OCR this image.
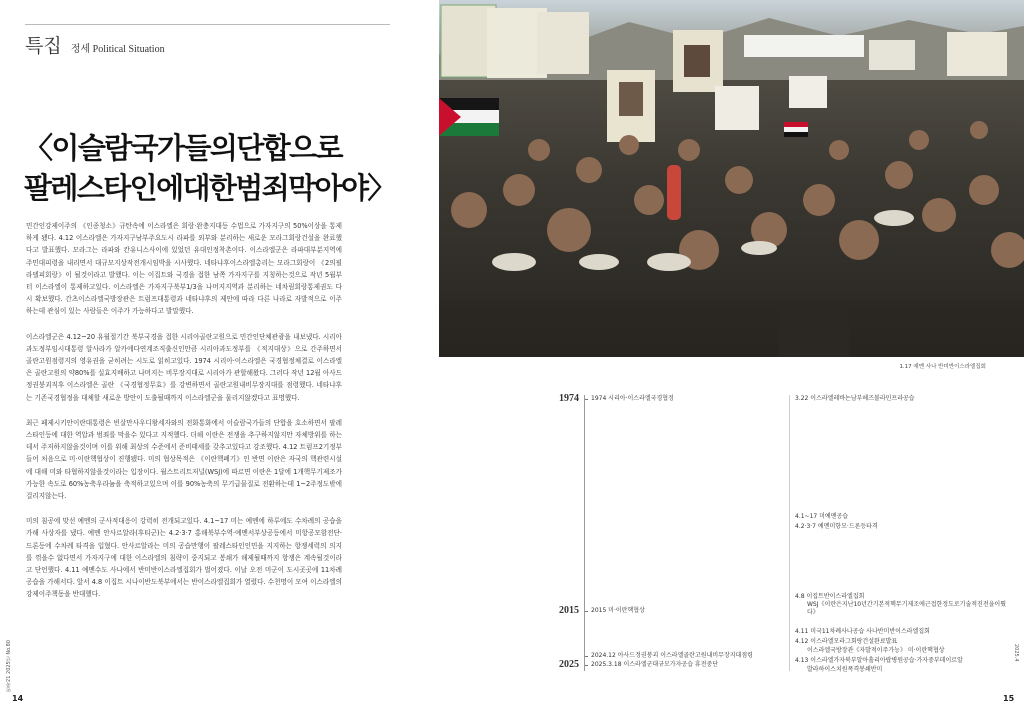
특집 정세 Political Situation
〈이슬람국가들의단합으로
팔레스타인에대한범죄막아야〉

민간인강제이주의 《인종청소》규탄속에 이스라엘은 회랑·완충지대등 수법으로 가자지구의 50%이상을 통제하게 됐다. 4.12 이스라엘은 가자지구남부주요도시 라파를 외부와 분리하는 새로운 모라그회랑건설을 완료했다고 발표했다. 모라그는 라파와 칸유니스사이에 있었던 유대인정착촌이다. 이스라엘군은 라파대부분지역에 주민대피령을 내리면서 대규모지상작전개시임박을 시사했다. 네타냐후이스라엘총리는 모라그회랑이 《2의필라델피회랑》이 될것이라고 발했다. 이는 이집트와 국경을 접한 남쪽 가자지구를 지칭하는것으로 작년 5월부터 이스라엘이 통제하고있다. 이스라엘은 가자지구북부1/3을 나머지지역과 분리하는 네차림회랑통제권도 다시 확보했다. 간츠이스라엘국방장관은 트럼프대통령과 네타냐후의 제안에 따라 다른 나라로 자발적으로 이주하는데 관심이 있는 사람들은 이주가 가능하다고 발말했다.

이스라엘군은 4.12~20 유월절기간 북부국경을 접한 시리아골란고원으로 민간인단체관광을 내보냈다. 시리아과도정부임시대통령 알사라가 알카에다연계조직출신인만큼 시리아과도정부를 《적지대상》으로 간주하면서 골란고원점령지의 영유권을 굳히려는 시도로 읽히고있다. 1974 시리아·이스라엘은 국경협정체결로 이스라엘은 골란고원의 약80%를 실효지배하고 나머지는 비무장지대로 시리아가 관할해왔다. 그러다 작년 12월 아사드정권붕괴직후 이스라엘은 골란 《국경협정무효》를 강변하면서 골란고원내비무장지대를 점령했다. 네타냐후는 기존국경협정을 대체할 새로운 방안이 도출될때까지 이스라엘군을 물리지않겠다고 표명했다.

최근 페제시키안이란대통령은 빈살만사우디왕세자와의 전화통화에서 이슬람국가들의 단합을 호소하면서 팔레스타인등에 대한 역압과 범죄를 막을수 있다고 지적했다. 더해 이란은 전쟁을 추구하지않지만 자체방위를 하는데서 주저하지않을것이며 이를 위해 최상의 수준에서 준비태세를 갖추고있다고 강조했다. 4.12 트럼프2기정부들어 처음으로 미·이란핵협상이 진행됐다. 미의 협상목적은 《이란핵폐기》인 반면 이란은 자국의 핵관련시설에 대해 미와 타협하지않을것이라는 입장이다. 월스트리트저널(WSJ)에 따르면 이란은 1달에 1개핵무기제조가 가능한 속도로 60%농축우라늄을 축적하고있으며 이를 90%농축의 무기급물질로 전환하는데 1~2주정도밖에 걸리지않는다.

미의 침공에 맞선 예멘의 군사적대응이 강력히 전개되고있다. 4.1~17 미는 예멘에 하루에도 수차례의 공습을 가해 사상자를 냈다. 예멘 안사르알라(후티군)는 4.2·3·7 홍해북부수역·예멘서부상공등에서 미항공모함전단·드론등에 수차례 타격을 입혔다. 안사르알라는 미의 공습만행이 팔레스타인인민을 지지하는 항쟁세력의 의지를 꺾을수 없다면서 가자지구에 대한 이스라엘의 침략이 중지되고 봉쇄가 해제될때까지 항쟁은 계속될것이라고 단언했다. 4.11 예멘수도 사나에서 반미반이스라엘집회가 벌어졌다. 이날 오전 미군이 도시곳곳에 11차례공습을 가해서다. 앞서 4.8 이집트 시나이반도북부에서는 반이스라엘집회가 열렸다. 수천명이 모여 이스라엘의 강제이주책동을 반대했다.

민족21 2025년 No.80
14
1.17 예멘 사나 반미반이스라엘집회
1974
2015
2025
1974 시리아·이스라엘국경협정
2015 미·이란핵협상
2024.12 아사드정권붕괴 이스라엘골란고원내비무장지대점령
2025.3.18 이스라엘군대규모가자공습 휴전중단
3.22 이스라엘레바논남부헤즈볼라민프라공습
4.1~17 미예멘공습
4.2·3·7 예멘미항모·드론등타격
4.8 이집트반이스라엘집회
WSJ《이란은지난10년간기본적핵무기제조에근접한정도로기술적진전을이뤘다》
4.11 미국11차례사나공습 사나반미반이스라엘집회
4.12 이스라엘모라그회랑건설완료발표
이스라엘국방장관《자발적이주가능》 미·이란핵협상
4.13 이스라엘가자북부알아흘리아랍병원공습·가자중부데이르알
발라하이스치원폭격봉쇄반미
2025.4
15
